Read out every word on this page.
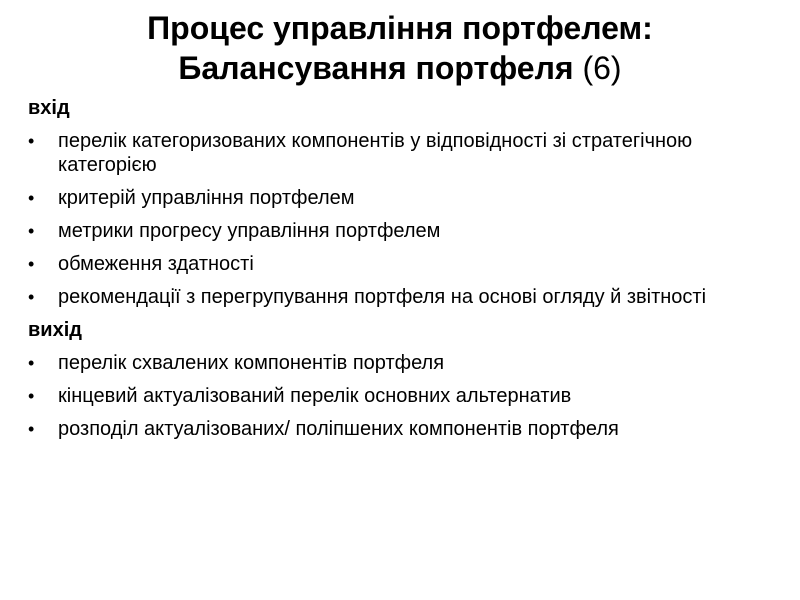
Процес управління портфелем:
Балансування портфеля (6)
вхід
•	перелік категоризованих компонентів у відповідності зі стратегічною категорією
•	критерій управління портфелем
•	метрики прогресу управління портфелем
•	обмеження здатності
•	рекомендації з перегрупування портфеля на основі огляду й звітності
вихід
•	перелік схвалених компонентів портфеля
•	кінцевий актуалізований перелік основних альтернатив
•	розподіл актуалізованих/ поліпшених компонентів портфеля
